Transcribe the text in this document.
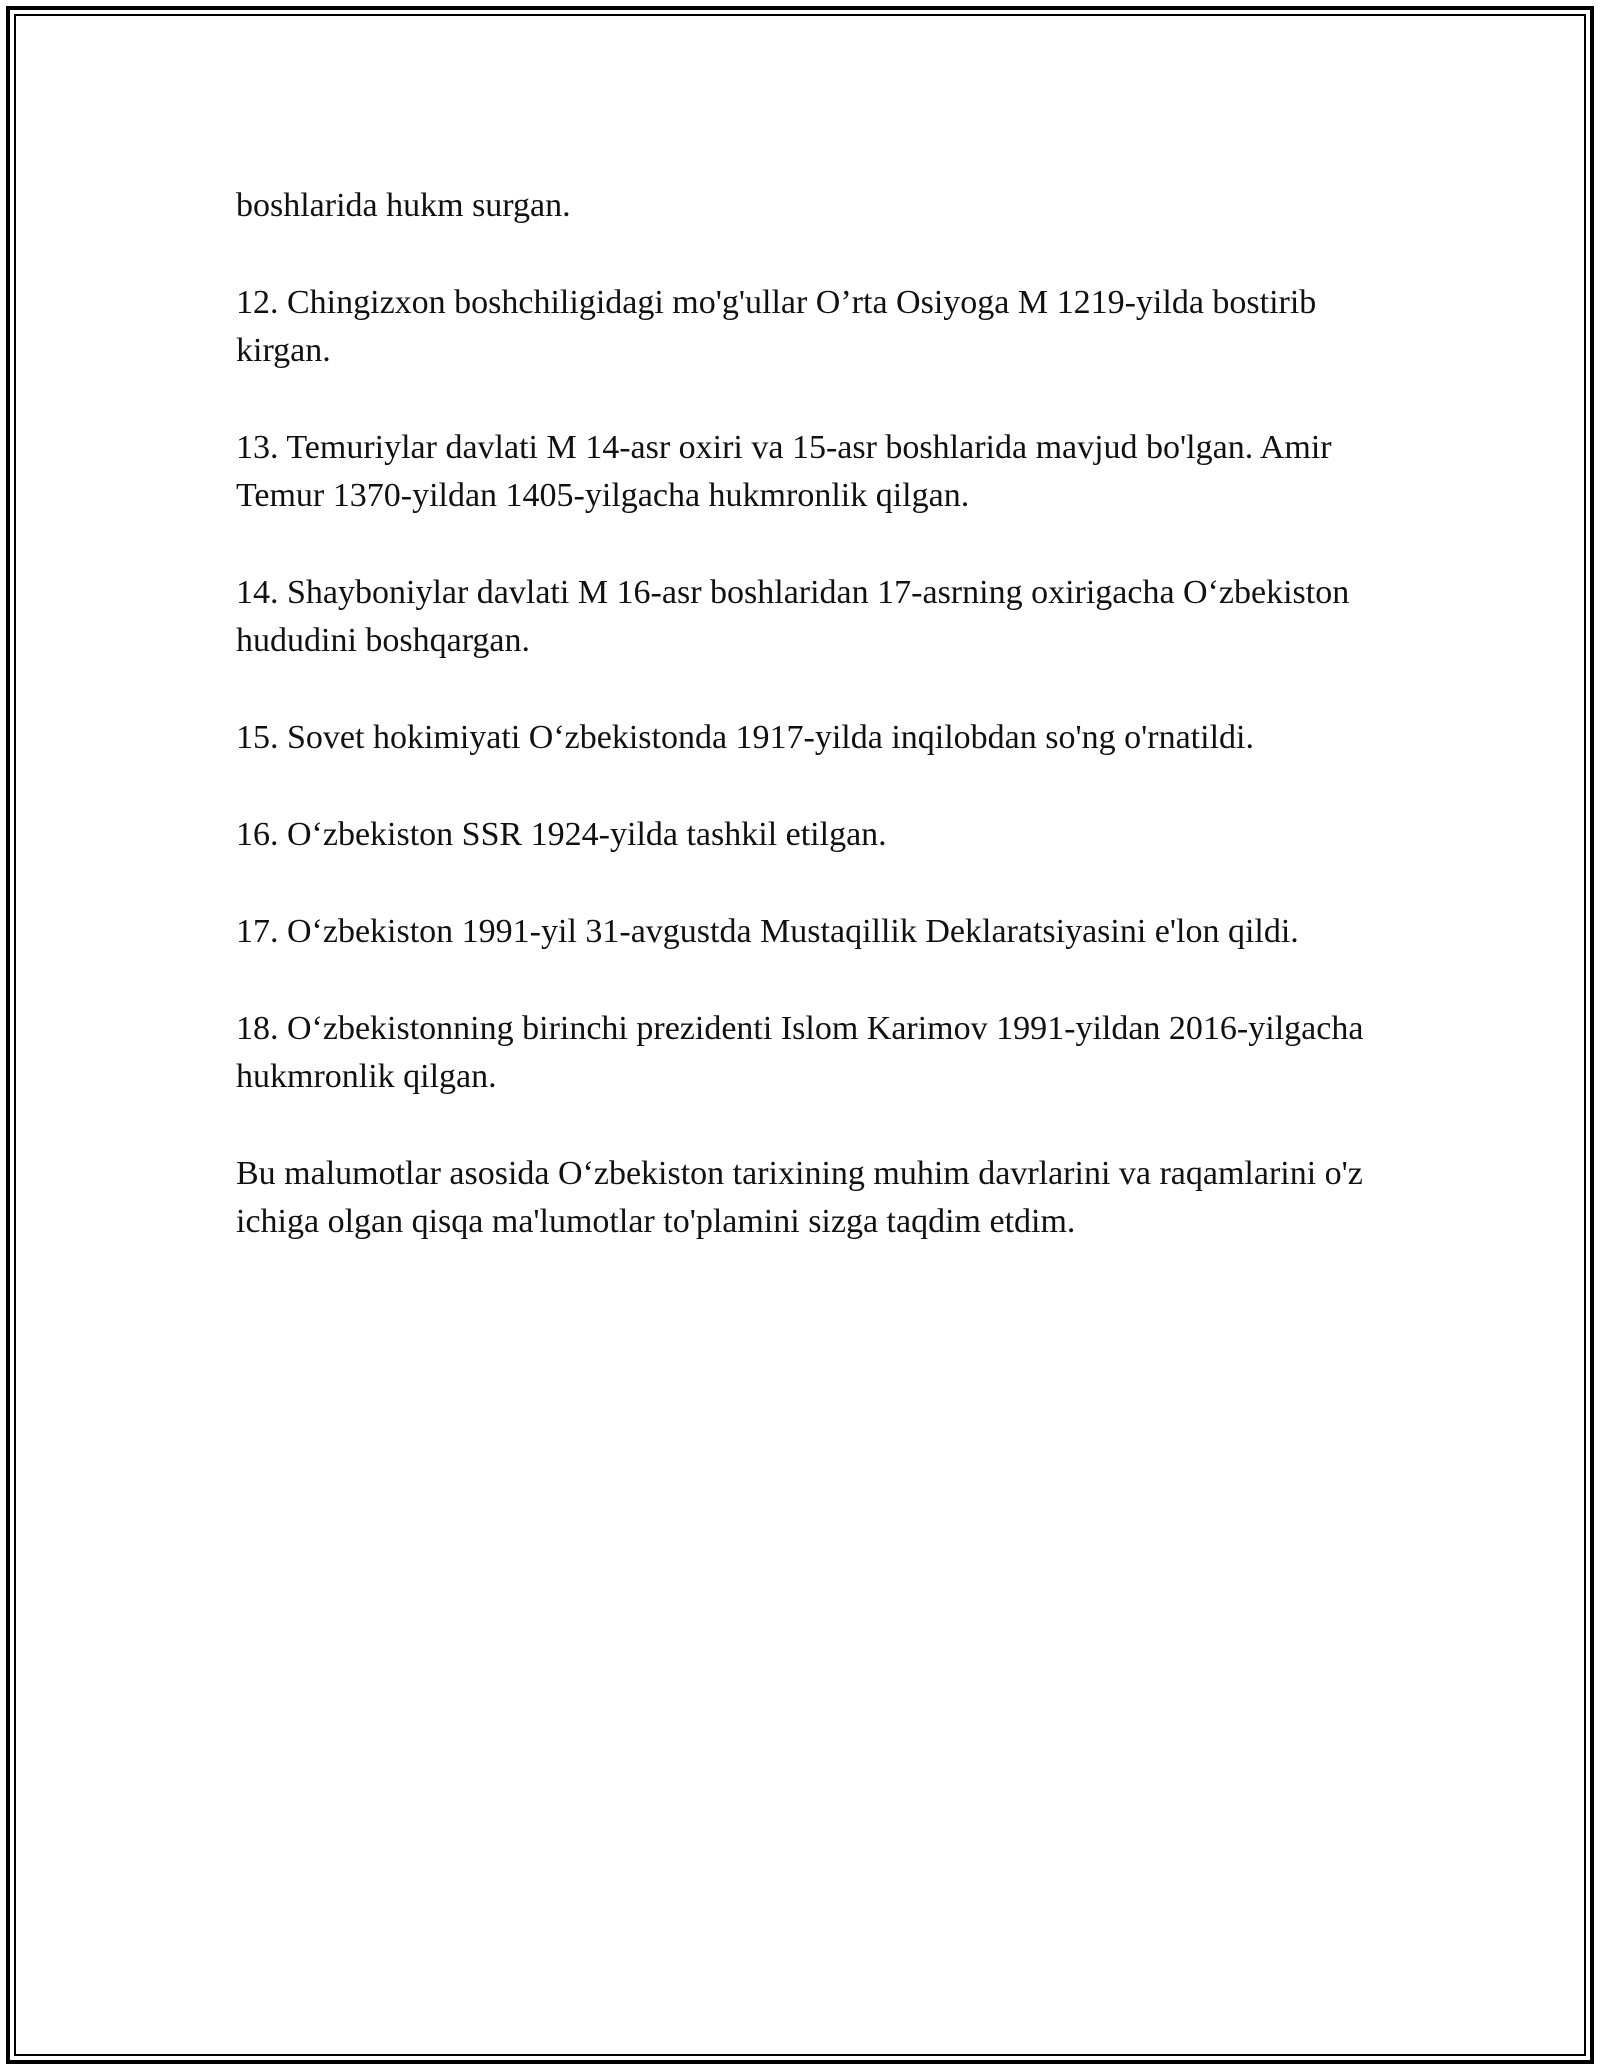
boshlarida hukm surgan.

12. Chingizxon boshchiligidagi mo'g'ullar O’rta Osiyoga M 1219-yilda bostirib kirgan.

13. Temuriylar davlati M 14-asr oxiri va 15-asr boshlarida mavjud bo'lgan. Amir Temur 1370-yildan 1405-yilgacha hukmronlik qilgan.

14. Shayboniylar davlati M 16-asr boshlaridan 17-asrning oxirigacha O‘zbekiston hududini boshqargan.

15. Sovet hokimiyati O‘zbekistonda 1917-yilda inqilobdan so'ng o'rnatildi.

16. O‘zbekiston SSR 1924-yilda tashkil etilgan.

17. O‘zbekiston 1991-yil 31-avgustda Mustaqillik Deklaratsiyasini e'lon qildi.

18. O‘zbekistonning birinchi prezidenti Islom Karimov 1991-yildan 2016-yilgacha hukmronlik qilgan.

Bu malumotlar asosida O‘zbekiston tarixining muhim davrlarini va raqamlarini o'z ichiga olgan qisqa ma'lumotlar to'plamini sizga taqdim etdim.
